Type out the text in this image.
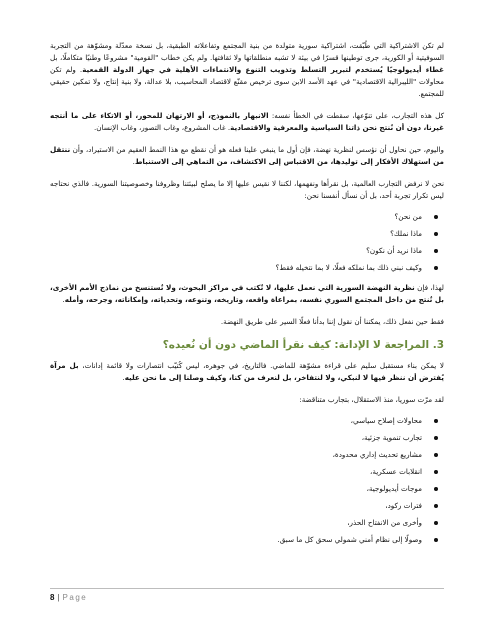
لم تكن الاشتراكية التي طُبّقت، اشتراكية سورية متولدة من بنية المجتمع وتفاعلاته الطبقية، بل نسخة معدّلة ومشوّهة من التجربة السوفيتية أو الكورية، جرى توطينها قسرًا في بيئة لا تشبه منطلقاتها ولا ثقافتها. ولم يكن خطاب "القومية" مشروعًا وطنيًا متكاملًا، بل غطاء أيديولوجيًا يُستخدم لتبرير التسلط وتذويب التنوع والانتماءات الأهلية في جهاز الدولة القمعية. ولم تكن محاولات "الليبرالية الاقتصادية" في عهد الأسد الابن سوى ترخيص مقنّع لاقتصاد المحاسيب، بلا عدالة، ولا بنية إنتاج، ولا تمكين حقيقي للمجتمع.

كل هذه التجارب، على تنوّعها، سقطت في الخطأ نفسه: الانبهار بالنموذج، أو الارتهان للمحور، أو الاتكاء على ما أنتجه غيرنا، دون أن نُنتج نحن ذاتنا السياسية والمعرفية والاقتصادية. غاب المشروع، وغاب التصور، وغاب الإنسان.

واليوم، حين نحاول أن نؤسس لنظرية نهضة، فإن أول ما ينبغي علينا فعله هو أن نقطع مع هذا النمط العقيم من الاستيراد، وأن ننتقل من استهلاك الأفكار إلى توليدها، من الاقتباس إلى الاكتشاف، من التماهي إلى الاستنباط.

نحن لا نرفض التجارب العالمية، بل نقرأها ونفهمها، لكننا لا نقيس عليها إلا ما يصلح لبيئتنا وظروفنا وخصوصيتنا السورية. فالذي نحتاجه ليس تكرار تجربة أحد، بل أن نسأل أنفسنا نحن:

من نحن؟
ماذا نملك؟
ماذا نريد أن نكون؟
وكيف نبني ذلك بما نملكه فعلًا، لا بما نتخيله فقط؟

لهذا، فإن نظرية النهضة السورية التي نعمل عليها، لا تُكتب في مراكز البحوث، ولا تُستنسخ من نماذج الأمم الأخرى، بل تُنتج من داخل المجتمع السوري نفسه، بمراعاة واقعه، وتاريخه، وتنوعه، وتحدياته، وإمكاناته، وجرحه، وأمله.

فقط حين نفعل ذلك، يمكننا أن نقول إننا بدأنا فعلًا السير على طريق النهضة.

3. المراجعة لا الإدانة: كيف نقرأ الماضي دون أن نُعيده؟

لا يمكن بناء مستقبل سليم على قراءة مشوّهة للماضي. فالتاريخ، في جوهره، ليس كُتيّب انتصارات ولا قائمة إدانات، بل مرآة يُفترض أن ننظر فيها لا لنبكي، ولا لنتفاخر، بل لنعرف من كنا، وكيف وصلنا إلى ما نحن عليه.

لقد مرّت سوريا، منذ الاستقلال، بتجارب متناقضة:

محاولات إصلاح سياسي،
تجارب تنموية جزئية،
مشاريع تحديث إداري محدودة،
انقلابات عسكرية،
موجات أيديولوجية،
فترات ركود،
وأخرى من الانفتاح الحذر،
وصولًا إلى نظام أمني شمولي سحق كل ما سبق.
8 | Page
